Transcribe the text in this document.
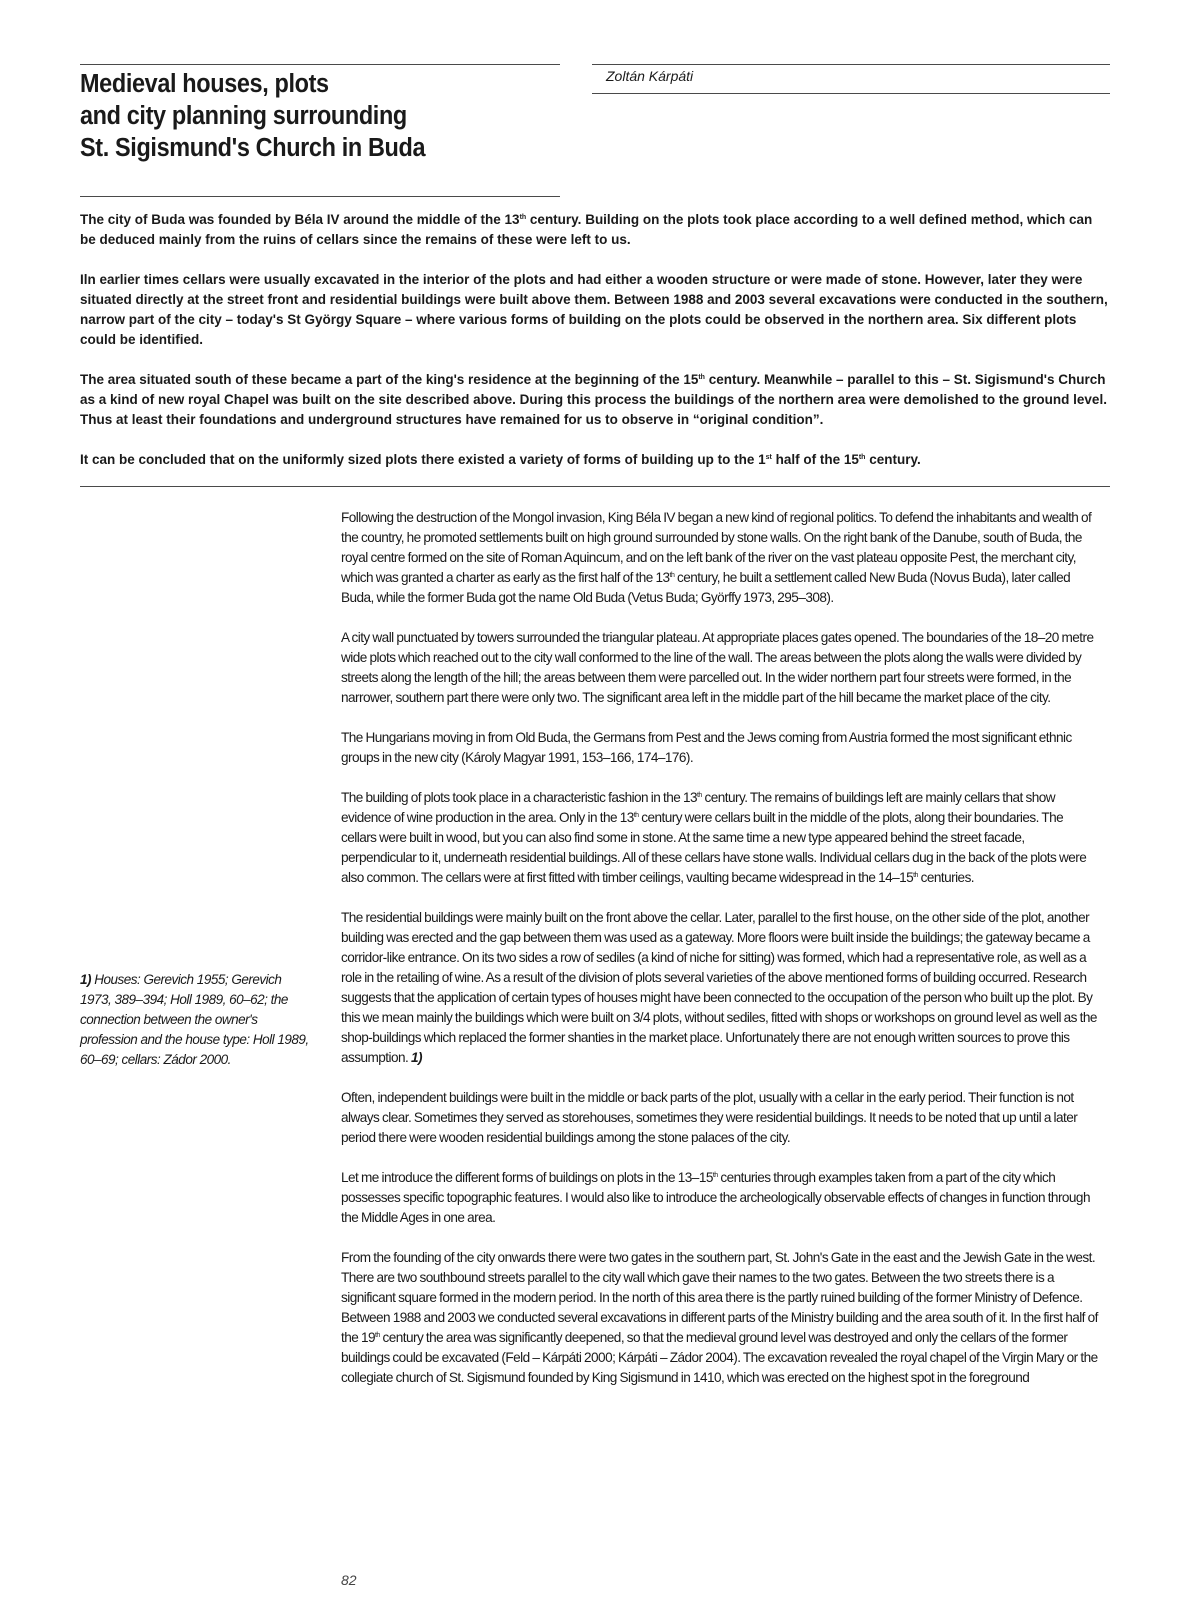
Medieval houses, plots
and city planning surrounding
St. Sigismund's Church in Buda
Zoltán Kárpáti

The city of Buda was founded by Béla IV around the middle of the 13th century. Building on the plots took place according to a well defined method, which can be deduced mainly from the ruins of cellars since the remains of these were left to us.

Iln earlier times cellars were usually excavated in the interior of the plots and had either a wooden structure or were made of stone. However, later they were situated directly at the street front and residential buildings were built above them. Between 1988 and 2003 several excavations were conducted in the southern, narrow part of the city – today's St György Square – where various forms of building on the plots could be observed in the northern area. Six different plots could be identified.

The area situated south of these became a part of the king's residence at the beginning of the 15th century. Meanwhile – parallel to this – St. Sigismund's Church as a kind of new royal Chapel was built on the site described above. During this process the buildings of the northern area were demolished to the ground level. Thus at least their foundations and underground structures have remained for us to observe in “original condition”.

It can be concluded that on the uniformly sized plots there existed a variety of forms of building up to the 1st half of the 15th century.

1) Houses: Gerevich 1955; Gerevich 1973, 389–394; Holl 1989, 60–62; the connection between the owner's profession and the house type: Holl 1989, 60–69; cellars: Zádor 2000.

Following the destruction of the Mongol invasion, King Béla IV began a new kind of regional politics. To defend the inhabitants and wealth of the country, he promoted settlements built on high ground surrounded by stone walls. On the right bank of the Danube, south of Buda, the royal centre formed on the site of Roman Aquincum, and on the left bank of the river on the vast plateau opposite Pest, the merchant city, which was granted a charter as early as the first half of the 13th century, he built a settlement called New Buda (Novus Buda), later called Buda, while the former Buda got the name Old Buda (Vetus Buda; Györffy 1973, 295–308).

A city wall punctuated by towers surrounded the triangular plateau. At appropriate places gates opened. The boundaries of the 18–20 metre wide plots which reached out to the city wall conformed to the line of the wall. The areas between the plots along the walls were divided by streets along the length of the hill; the areas between them were parcelled out. In the wider northern part four streets were formed, in the narrower, southern part there were only two. The significant area left in the middle part of the hill became the market place of the city.

The Hungarians moving in from Old Buda, the Germans from Pest and the Jews coming from Austria formed the most significant ethnic groups in the new city (Károly Magyar 1991, 153–166, 174–176).

The building of plots took place in a characteristic fashion in the 13th century. The remains of buildings left are mainly cellars that show evidence of wine production in the area. Only in the 13th century were cellars built in the middle of the plots, along their boundaries. The cellars were built in wood, but you can also find some in stone. At the same time a new type appeared behind the street facade, perpendicular to it, underneath residential buildings. All of these cellars have stone walls. Individual cellars dug in the back of the plots were also common. The cellars were at first fitted with timber ceilings, vaulting became widespread in the 14–15th centuries.

The residential buildings were mainly built on the front above the cellar. Later, parallel to the first house, on the other side of the plot, another building was erected and the gap between them was used as a gateway. More floors were built inside the buildings; the gateway became a corridor-like entrance. On its two sides a row of sediles (a kind of niche for sitting) was formed, which had a representative role, as well as a role in the retailing of wine. As a result of the division of plots several varieties of the above mentioned forms of building occurred. Research suggests that the application of certain types of houses might have been connected to the occupation of the person who built up the plot. By this we mean mainly the buildings which were built on 3/4 plots, without sediles, fitted with shops or workshops on ground level as well as the shop-buildings which replaced the former shanties in the market place. Unfortunately there are not enough written sources to prove this assumption. 1)

Often, independent buildings were built in the middle or back parts of the plot, usually with a cellar in the early period. Their function is not always clear. Sometimes they served as storehouses, sometimes they were residential buildings. It needs to be noted that up until a later period there were wooden residential buildings among the stone palaces of the city.

Let me introduce the different forms of buildings on plots in the 13–15th centuries through examples taken from a part of the city which possesses specific topographic features. I would also like to introduce the archeologically observable effects of changes in function through the Middle Ages in one area.

From the founding of the city onwards there were two gates in the southern part, St. John's Gate in the east and the Jewish Gate in the west. There are two southbound streets parallel to the city wall which gave their names to the two gates. Between the two streets there is a significant square formed in the modern period. In the north of this area there is the partly ruined building of the former Ministry of Defence. Between 1988 and 2003 we conducted several excavations in different parts of the Ministry building and the area south of it. In the first half of the 19th century the area was significantly deepened, so that the medieval ground level was destroyed and only the cellars of the former buildings could be excavated (Feld – Kárpáti 2000; Kárpáti – Zádor 2004). The excavation revealed the royal chapel of the Virgin Mary or the collegiate church of St. Sigismund founded by King Sigismund in 1410, which was erected on the highest spot in the foreground

82
